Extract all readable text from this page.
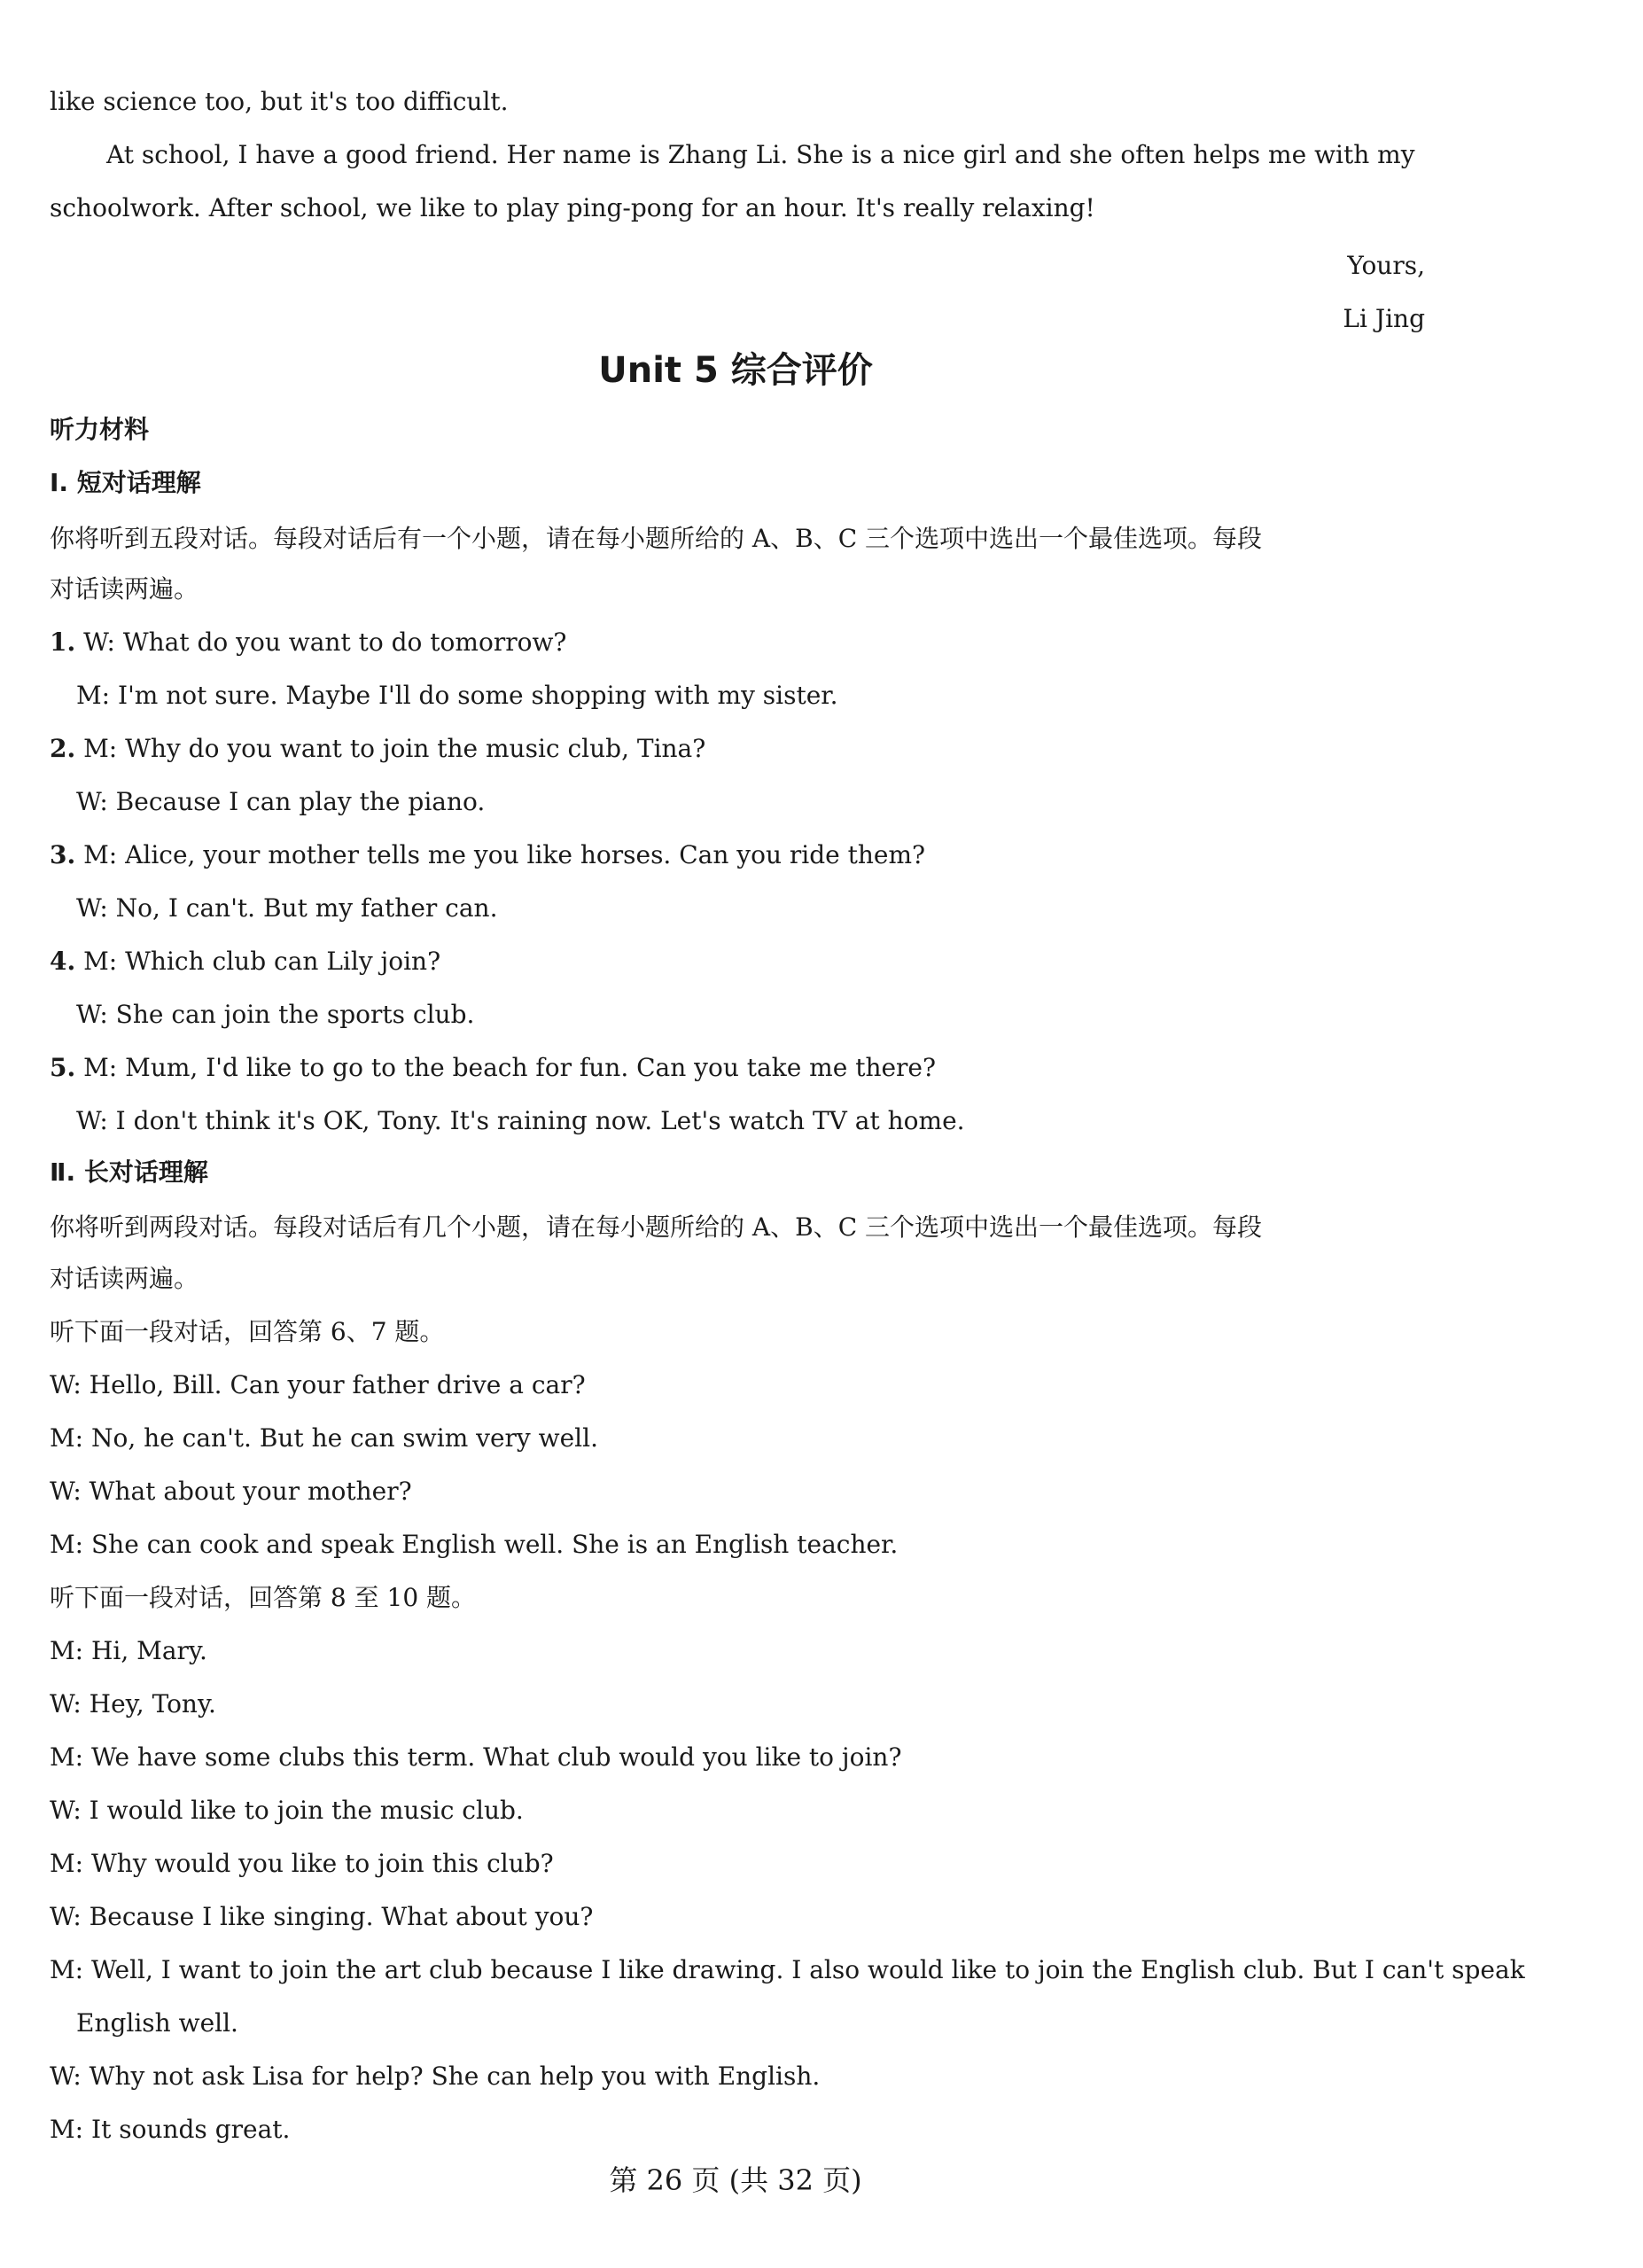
like science too, but it's too difficult.
At school, I have a good friend. Her name is Zhang Li. She is a nice girl and she often helps me with my
schoolwork. After school, we like to play ping-pong for an hour. It's really relaxing!
Yours,
Li Jing
Unit 5 综合评价
听力材料
Ⅰ. 短对话理解
你将听到五段对话。每段对话后有一个小题，请在每小题所给的 A、B、C 三个选项中选出一个最佳选项。每段
对话读两遍。
1. W: What do you want to do tomorrow?
M: I'm not sure. Maybe I'll do some shopping with my sister.
2. M: Why do you want to join the music club, Tina?
W: Because I can play the piano.
3. M: Alice, your mother tells me you like horses. Can you ride them?
W: No, I can't. But my father can.
4. M: Which club can Lily join?
W: She can join the sports club.
5. M: Mum, I'd like to go to the beach for fun. Can you take me there?
W: I don't think it's OK, Tony. It's raining now. Let's watch TV at home.
Ⅱ. 长对话理解
你将听到两段对话。每段对话后有几个小题，请在每小题所给的 A、B、C 三个选项中选出一个最佳选项。每段
对话读两遍。
听下面一段对话，回答第 6、7 题。
W: Hello, Bill. Can your father drive a car?
M: No, he can't. But he can swim very well.
W: What about your mother?
M: She can cook and speak English well. She is an English teacher.
听下面一段对话，回答第 8 至 10 题。
M: Hi, Mary.
W: Hey, Tony.
M: We have some clubs this term. What club would you like to join?
W: I would like to join the music club.
M: Why would you like to join this club?
W: Because I like singing. What about you?
M: Well, I want to join the art club because I like drawing. I also would like to join the English club. But I can't speak
English well.
W: Why not ask Lisa for help? She can help you with English.
M: It sounds great.
第 26 页 (共 32 页)
